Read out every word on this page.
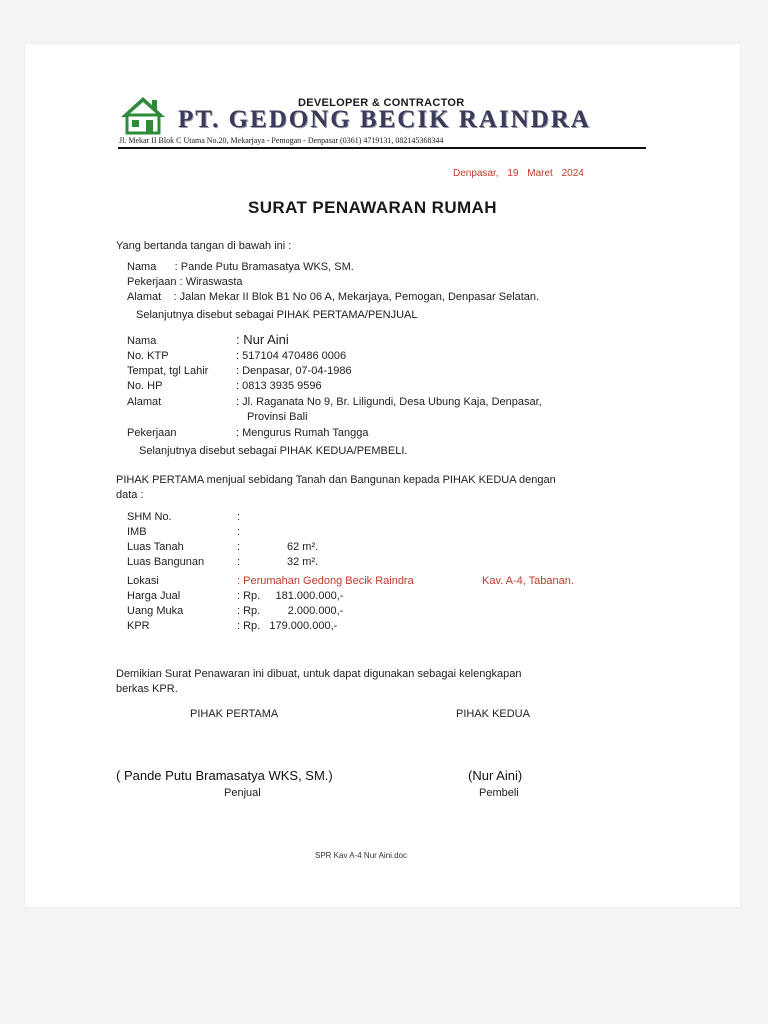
DEVELOPER & CONTRACTOR
PT. GEDONG BECIK RAINDRA
Jl. Mekar II Blok C Utama No.20, Mekarjaya - Pemogan - Denpasar (0361) 4719131, 082145368344
Denpasar, 19 Maret 2024
SURAT PENAWARAN RUMAH
Yang bertanda tangan di bawah ini :
Nama      : Pande Putu Bramasatya WKS, SM.
Pekerjaan : Wiraswasta
Alamat    : Jalan Mekar II Blok B1 No 06 A, Mekarjaya, Pemogan, Denpasar Selatan.
Selanjutnya disebut sebagai PIHAK PERTAMA/PENJUAL
Nama
No. KTP
Tempat, tgl Lahir
No. HP
Alamat
Pekerjaan
: Nur Aini
: 517104 470486 0006
: Denpasar, 07-04-1986
: 0813 3935 9596
: Jl. Raganata No 9, Br. Liligundi, Desa Ubung Kaja, Denpasar,
Provinsi Bali
: Mengurus Rumah Tangga
Selanjutnya disebut sebagai PIHAK KEDUA/PEMBELI.
PIHAK PERTAMA menjual sebidang Tanah dan Bangunan kepada PIHAK KEDUA dengan
data :
SHM No.
IMB
Luas Tanah
Luas Bangunan
Lokasi
Harga Jual
Uang Muka
KPR
:
:
:
:
62 m².
32 m².
: Perumahan Gedong Becik Raindra	Kav. A-4, Tabanan.
: Rp.     181.000.000,-
: Rp.         2.000.000,-
: Rp.   179.000.000,-
Demikian Surat Penawaran ini dibuat, untuk dapat digunakan sebagai kelengkapan
berkas KPR.
PIHAK PERTAMA	PIHAK KEDUA
( Pande Putu Bramasatya WKS, SM.)
Penjual
(Nur Aini)
Pembeli
SPR Kav A-4 Nur Aini.doc
